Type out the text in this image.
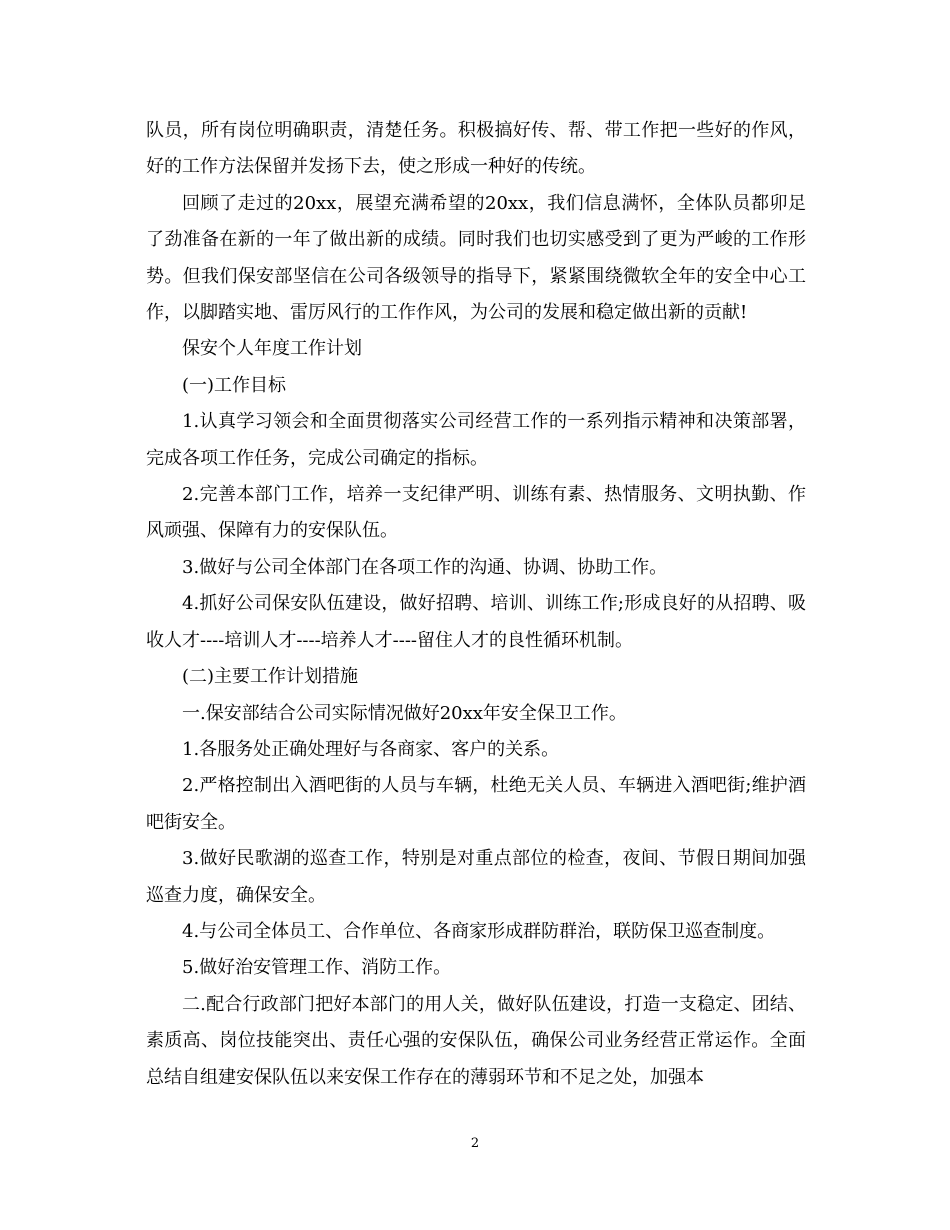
队员，所有岗位明确职责，清楚任务。积极搞好传、帮、带工作把一些好的作风，好的工作方法保留并发扬下去，使之形成一种好的传统。

回顾了走过的20xx，展望充满希望的20xx，我们信息满怀，全体队员都卯足了劲准备在新的一年了做出新的成绩。同时我们也切实感受到了更为严峻的工作形势。但我们保安部坚信在公司各级领导的指导下，紧紧围绕微软全年的安全中心工作，以脚踏实地、雷厉风行的工作作风，为公司的发展和稳定做出新的贡献!

保安个人年度工作计划

(一)工作目标

1.认真学习领会和全面贯彻落实公司经营工作的一系列指示精神和决策部署，完成各项工作任务，完成公司确定的指标。

2.完善本部门工作，培养一支纪律严明、训练有素、热情服务、文明执勤、作风顽强、保障有力的安保队伍。

3.做好与公司全体部门在各项工作的沟通、协调、协助工作。

4.抓好公司保安队伍建设，做好招聘、培训、训练工作;形成良好的从招聘、吸收人才----培训人才----培养人才----留住人才的良性循环机制。

(二)主要工作计划措施

一.保安部结合公司实际情况做好20xx年安全保卫工作。

1.各服务处正确处理好与各商家、客户的关系。

2.严格控制出入酒吧街的人员与车辆，杜绝无关人员、车辆进入酒吧街;维护酒吧街安全。

3.做好民歌湖的巡查工作，特别是对重点部位的检查，夜间、节假日期间加强巡查力度，确保安全。

4.与公司全体员工、合作单位、各商家形成群防群治，联防保卫巡查制度。

5.做好治安管理工作、消防工作。

二.配合行政部门把好本部门的用人关，做好队伍建设，打造一支稳定、团结、素质高、岗位技能突出、责任心强的安保队伍，确保公司业务经营正常运作。全面总结自组建安保队伍以来安保工作存在的薄弱环节和不足之处，加强本

2
